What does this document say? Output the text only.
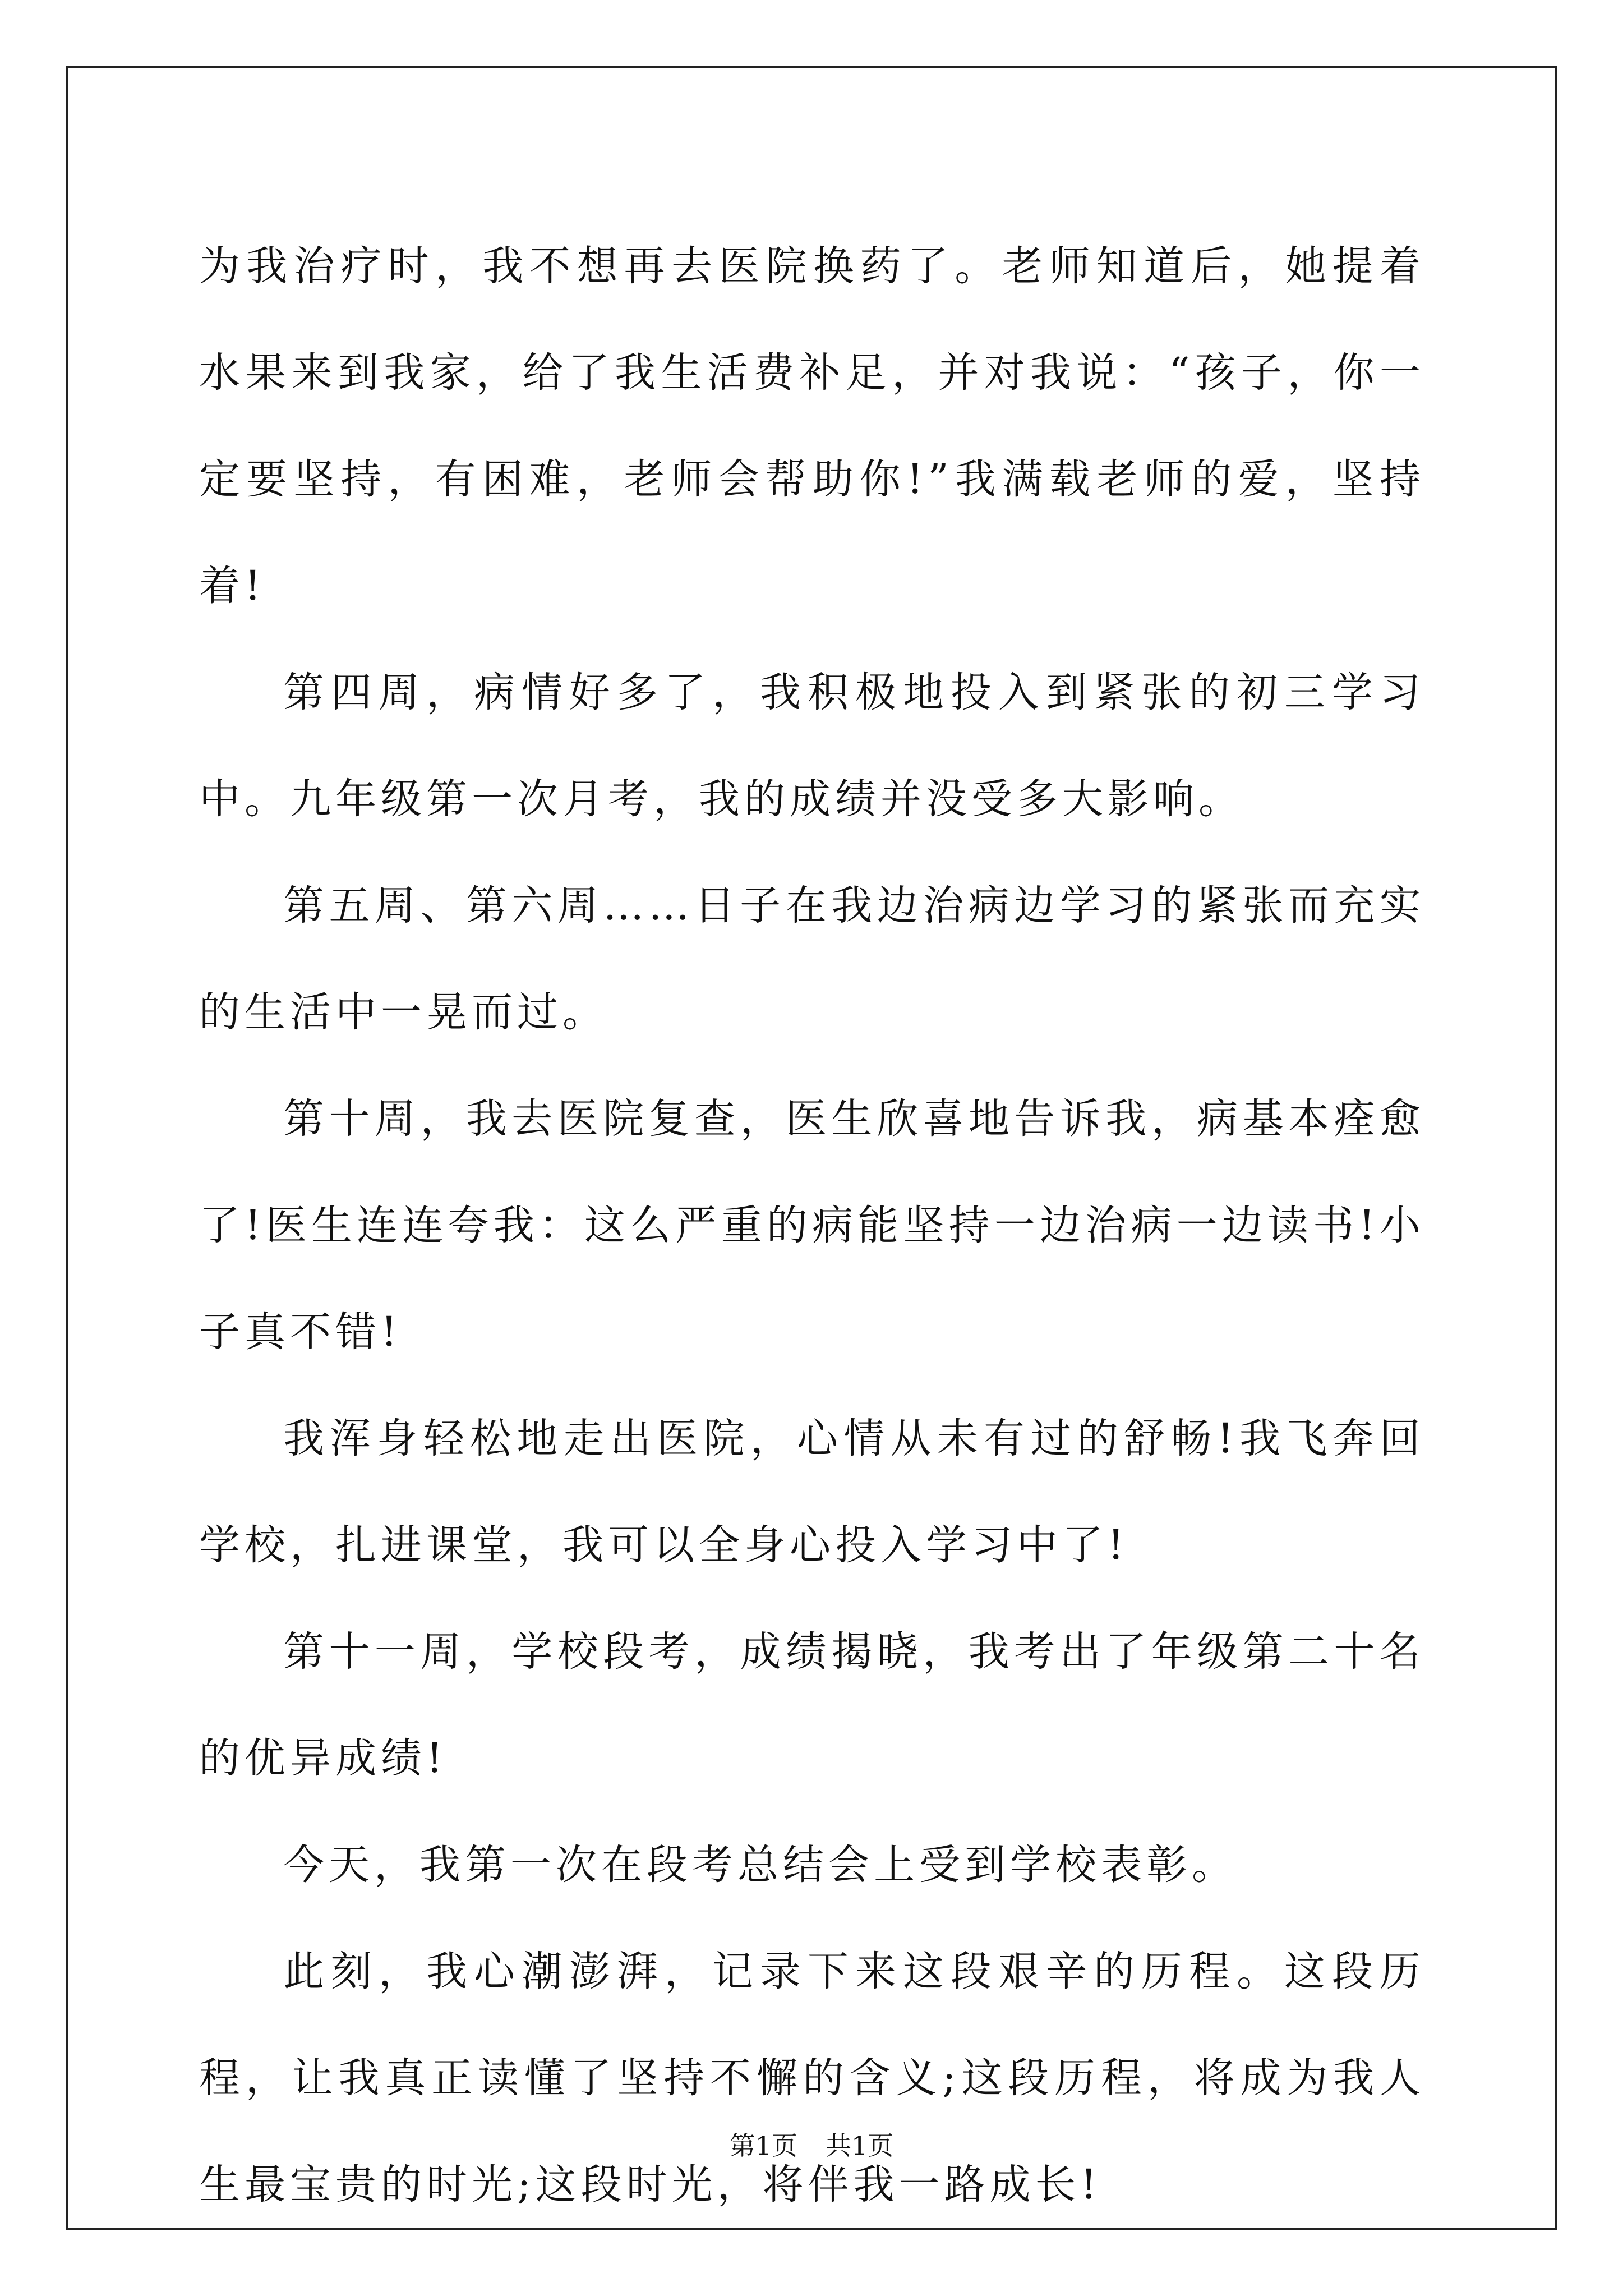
为我治疗时，我不想再去医院换药了。老师知道后，她提着水果来到我家，给了我生活费补足，并对我说：“孩子，你一定要坚持，有困难，老师会帮助你!”我满载老师的爱，坚持着!

第四周，病情好多了，我积极地投入到紧张的初三学习中。九年级第一次月考，我的成绩并没受多大影响。

第五周、第六周……日子在我边治病边学习的紧张而充实的生活中一晃而过。

第十周，我去医院复查，医生欣喜地告诉我，病基本痊愈了!医生连连夸我：这么严重的病能坚持一边治病一边读书!小子真不错!

我浑身轻松地走出医院，心情从未有过的舒畅!我飞奔回学校，扎进课堂，我可以全身心投入学习中了!

第十一周，学校段考，成绩揭晓，我考出了年级第二十名的优异成绩!

今天，我第一次在段考总结会上受到学校表彰。

此刻，我心潮澎湃，记录下来这段艰辛的历程。这段历程，让我真正读懂了坚持不懈的含义;这段历程，将成为我人生最宝贵的时光;这段时光，将伴我一路成长!

第1页 共1页
